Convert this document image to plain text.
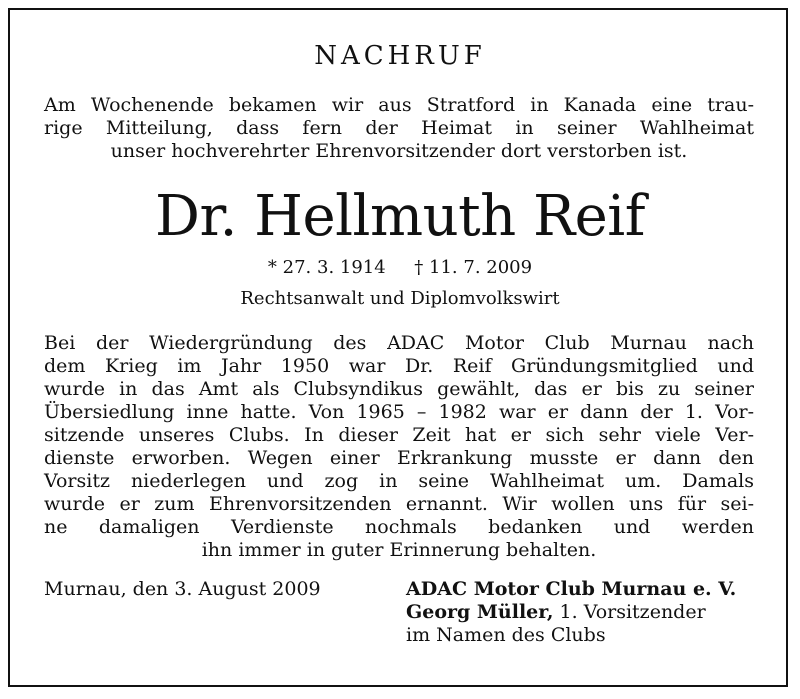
NACHRUF
Am Wochenende bekamen wir aus Stratford in Kanada eine trau-
rige Mitteilung, dass fern der Heimat in seiner Wahlheimat
unser hochverehrter Ehrenvorsitzender dort verstorben ist.
Dr. Hellmuth Reif
* 27. 3. 1914     † 11. 7. 2009
Rechtsanwalt und Diplomvolkswirt
Bei der Wiedergründung des ADAC Motor Club Murnau nach
dem Krieg im Jahr 1950 war Dr. Reif Gründungsmitglied und
wurde in das Amt als Clubsyndikus gewählt, das er bis zu seiner
Übersiedlung inne hatte. Von 1965 – 1982 war er dann der 1. Vor-
sitzende unseres Clubs. In dieser Zeit hat er sich sehr viele Ver-
dienste erworben. Wegen einer Erkrankung musste er dann den
Vorsitz niederlegen und zog in seine Wahlheimat um. Damals
wurde er zum Ehrenvorsitzenden ernannt. Wir wollen uns für sei-
ne damaligen Verdienste nochmals bedanken und werden
ihn immer in guter Erinnerung behalten.
Murnau, den 3. August 2009	ADAC Motor Club Murnau e. V.
Georg Müller, 1. Vorsitzender
im Namen des Clubs
